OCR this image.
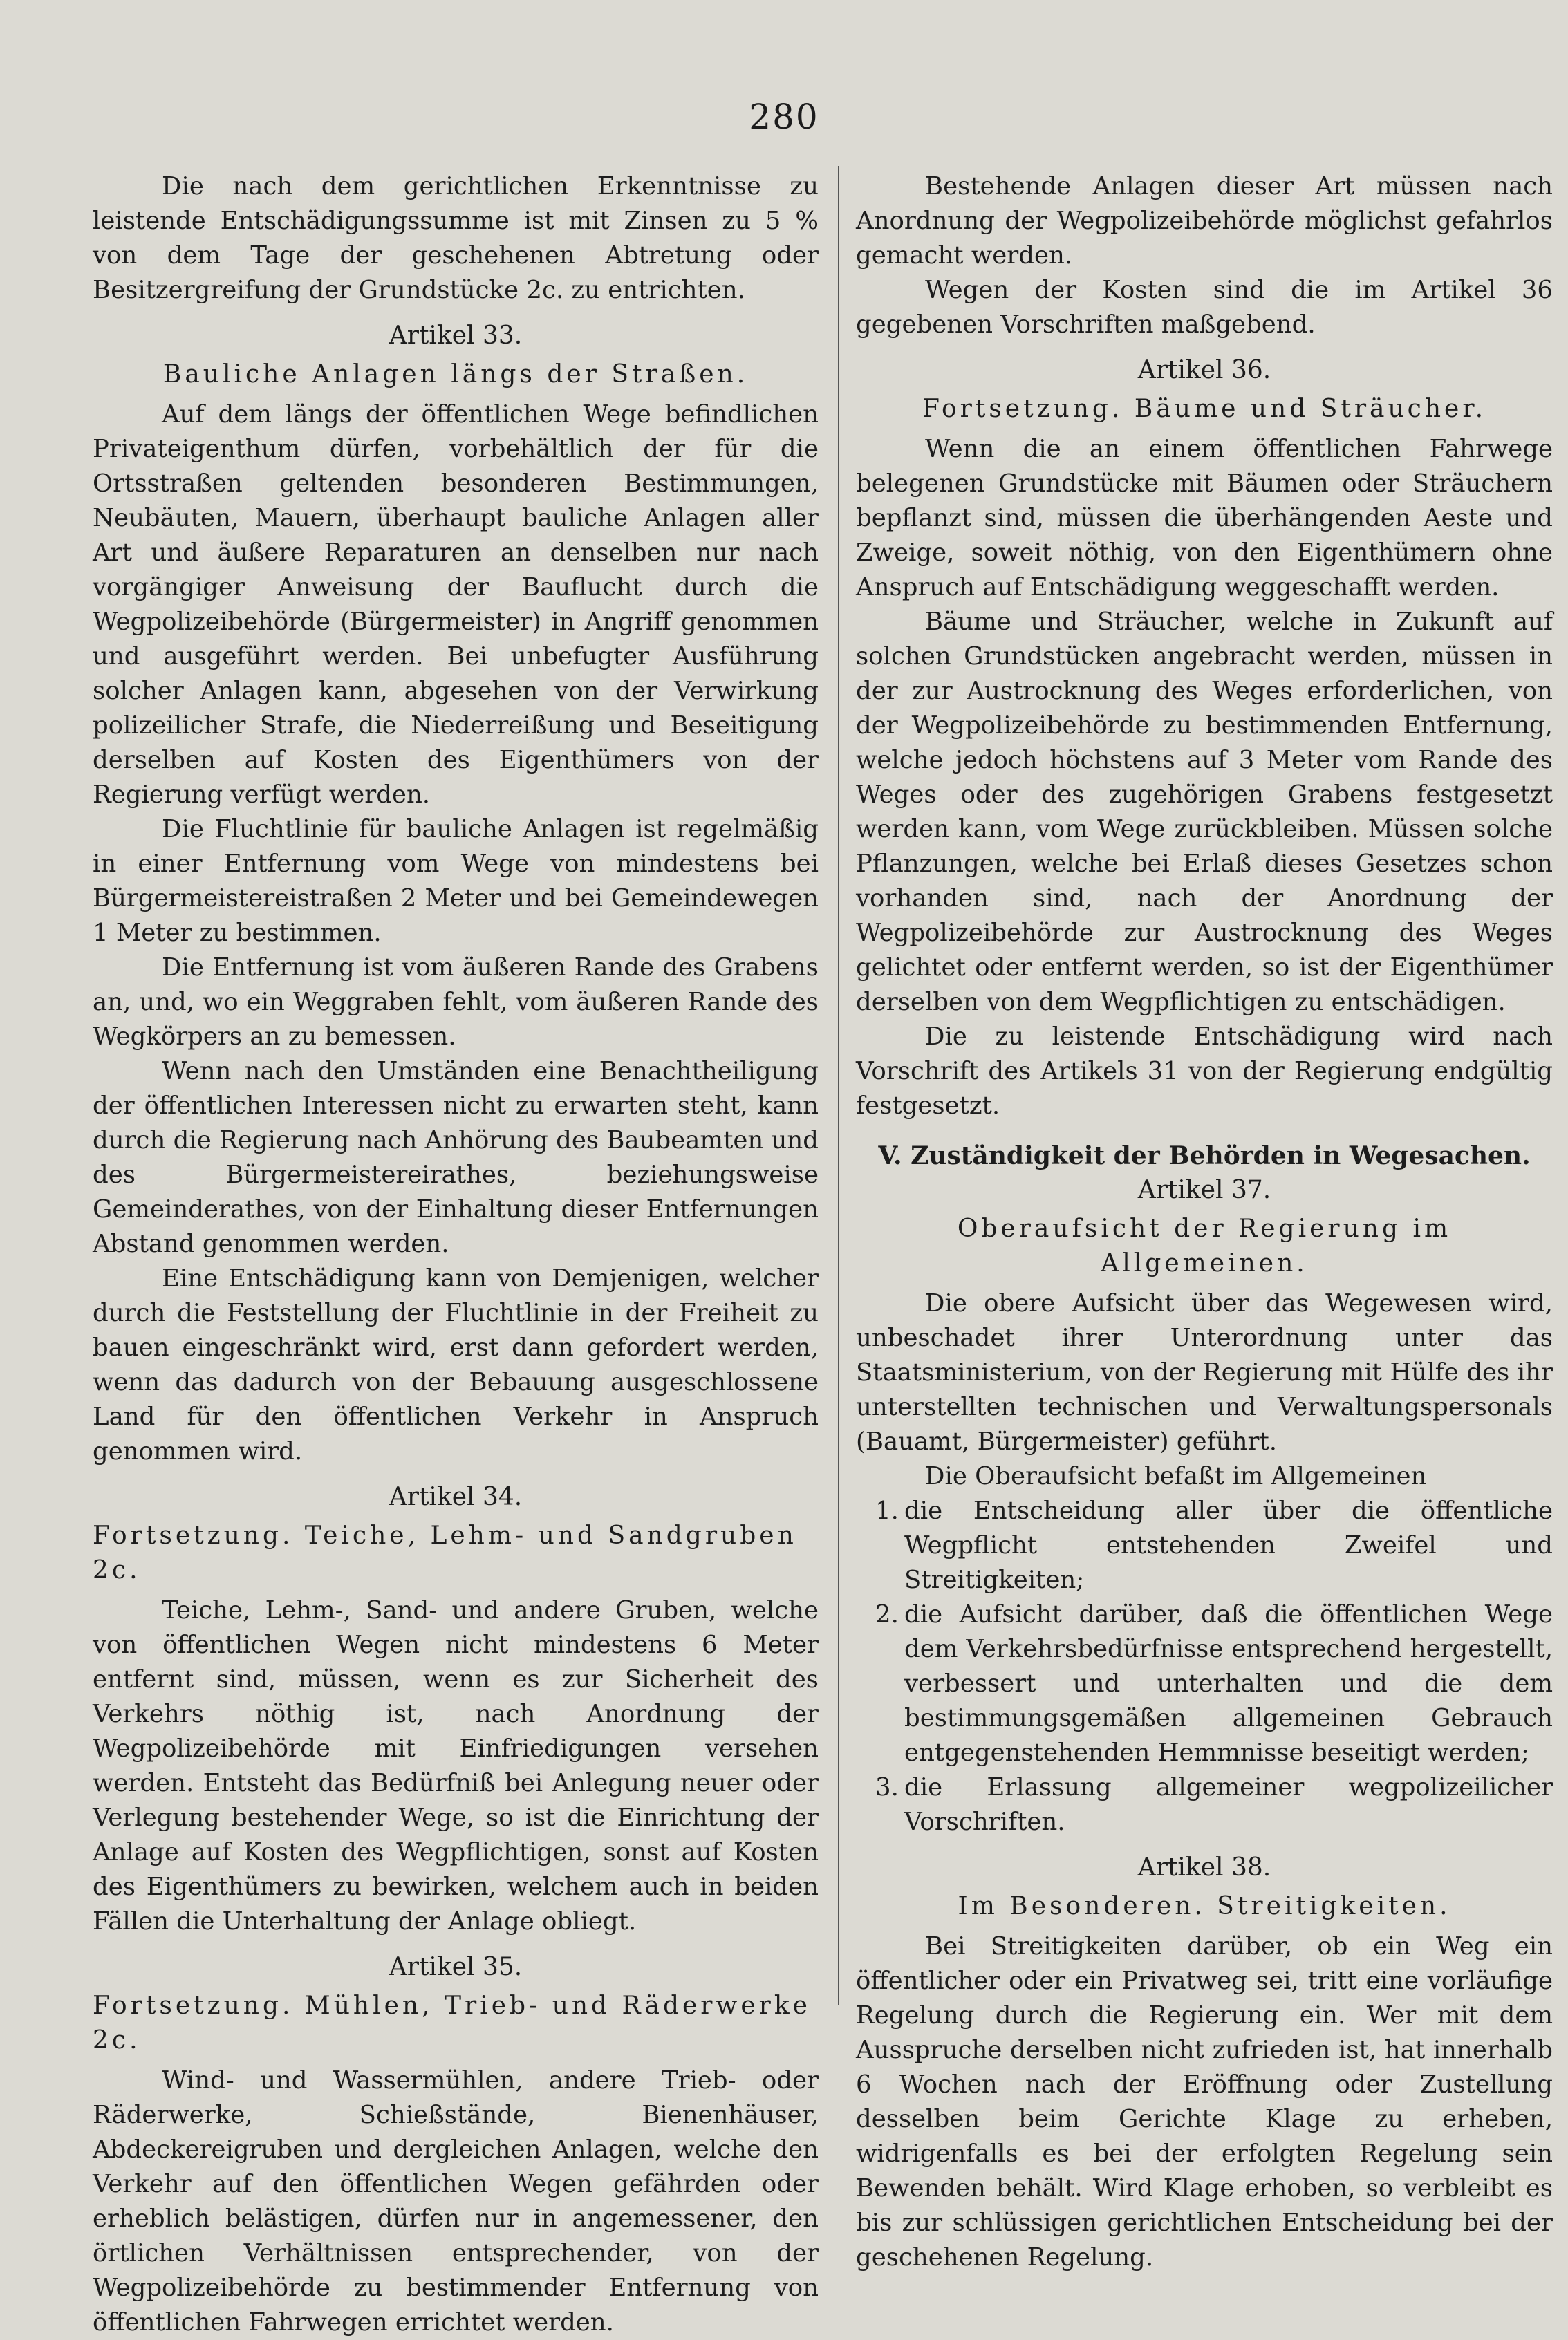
280

Die nach dem gerichtlichen Erkenntnisse zu leistende Entschädigungssumme ist mit Zinsen zu 5 % von dem Tage der geschehenen Abtretung oder Besitzergreifung der Grundstücke 2c. zu entrichten.

Artikel 33.
Bauliche Anlagen längs der Straßen.

Auf dem längs der öffentlichen Wege befindlichen Privateigenthum dürfen, vorbehältlich der für die Ortsstraßen geltenden besonderen Bestimmungen, Neubäuten, Mauern, überhaupt bauliche Anlagen aller Art und äußere Reparaturen an denselben nur nach vorgängiger Anweisung der Bauflucht durch die Wegpolizeibehörde (Bürgermeister) in Angriff genommen und ausgeführt werden. Bei unbefugter Ausführung solcher Anlagen kann, abgesehen von der Verwirkung polizeilicher Strafe, die Niederreißung und Beseitigung derselben auf Kosten des Eigenthümers von der Regierung verfügt werden.

Die Fluchtlinie für bauliche Anlagen ist regelmäßig in einer Entfernung vom Wege von mindestens bei Bürgermeistereistraßen 2 Meter und bei Gemeindewegen 1 Meter zu bestimmen.

Die Entfernung ist vom äußeren Rande des Grabens an, und, wo ein Weggraben fehlt, vom äußeren Rande des Wegkörpers an zu bemessen.

Wenn nach den Umständen eine Benachtheiligung der öffentlichen Interessen nicht zu erwarten steht, kann durch die Regierung nach Anhörung des Baubeamten und des Bürgermeistereirathes, beziehungsweise Gemeinderathes, von der Einhaltung dieser Entfernungen Abstand genommen werden.

Eine Entschädigung kann von Demjenigen, welcher durch die Feststellung der Fluchtlinie in der Freiheit zu bauen eingeschränkt wird, erst dann gefordert werden, wenn das dadurch von der Bebauung ausgeschlossene Land für den öffentlichen Verkehr in Anspruch genommen wird.

Artikel 34.
Fortsetzung. Teiche, Lehm- und Sandgruben 2c.

Teiche, Lehm-, Sand- und andere Gruben, welche von öffentlichen Wegen nicht mindestens 6 Meter entfernt sind, müssen, wenn es zur Sicherheit des Verkehrs nöthig ist, nach Anordnung der Wegpolizeibehörde mit Einfriedigungen versehen werden. Entsteht das Bedürfniß bei Anlegung neuer oder Verlegung bestehender Wege, so ist die Einrichtung der Anlage auf Kosten des Wegpflichtigen, sonst auf Kosten des Eigenthümers zu bewirken, welchem auch in beiden Fällen die Unterhaltung der Anlage obliegt.

Artikel 35.
Fortsetzung. Mühlen, Trieb- und Räderwerke 2c.

Wind- und Wassermühlen, andere Trieb- oder Räderwerke, Schießstände, Bienenhäuser, Abdeckereigruben und dergleichen Anlagen, welche den Verkehr auf den öffentlichen Wegen gefährden oder erheblich belästigen, dürfen nur in angemessener, den örtlichen Verhältnissen entsprechender, von der Wegpolizeibehörde zu bestimmender Entfernung von öffentlichen Fahrwegen errichtet werden.

Bestehende Anlagen dieser Art müssen nach Anordnung der Wegpolizeibehörde möglichst gefahrlos gemacht werden.

Wegen der Kosten sind die im Artikel 36 gegebenen Vorschriften maßgebend.

Artikel 36.
Fortsetzung. Bäume und Sträucher.

Wenn die an einem öffentlichen Fahrwege belegenen Grundstücke mit Bäumen oder Sträuchern bepflanzt sind, müssen die überhängenden Aeste und Zweige, soweit nöthig, von den Eigenthümern ohne Anspruch auf Entschädigung weggeschafft werden.

Bäume und Sträucher, welche in Zukunft auf solchen Grundstücken angebracht werden, müssen in der zur Austrocknung des Weges erforderlichen, von der Wegpolizeibehörde zu bestimmenden Entfernung, welche jedoch höchstens auf 3 Meter vom Rande des Weges oder des zugehörigen Grabens festgesetzt werden kann, vom Wege zurückbleiben. Müssen solche Pflanzungen, welche bei Erlaß dieses Gesetzes schon vorhanden sind, nach der Anordnung der Wegpolizeibehörde zur Austrocknung des Weges gelichtet oder entfernt werden, so ist der Eigenthümer derselben von dem Wegpflichtigen zu entschädigen.

Die zu leistende Entschädigung wird nach Vorschrift des Artikels 31 von der Regierung endgültig festgesetzt.

V. Zuständigkeit der Behörden in Wegesachen.
Artikel 37.
Oberaufsicht der Regierung im Allgemeinen.

Die obere Aufsicht über das Wegewesen wird, unbeschadet ihrer Unterordnung unter das Staatsministerium, von der Regierung mit Hülfe des ihr unterstellten technischen und Verwaltungspersonals (Bauamt, Bürgermeister) geführt.

Die Oberaufsicht befaßt im Allgemeinen

1. die Entscheidung aller über die öffentliche Wegpflicht entstehenden Zweifel und Streitigkeiten;
2. die Aufsicht darüber, daß die öffentlichen Wege dem Verkehrsbedürfnisse entsprechend hergestellt, verbessert und unterhalten und die dem bestimmungsgemäßen allgemeinen Gebrauch entgegenstehenden Hemmnisse beseitigt werden;
3. die Erlassung allgemeiner wegpolizeilicher Vorschriften.
Artikel 38.
Im Besonderen. Streitigkeiten.

Bei Streitigkeiten darüber, ob ein Weg ein öffentlicher oder ein Privatweg sei, tritt eine vorläufige Regelung durch die Regierung ein. Wer mit dem Ausspruche derselben nicht zufrieden ist, hat innerhalb 6 Wochen nach der Eröffnung oder Zustellung desselben beim Gerichte Klage zu erheben, widrigenfalls es bei der erfolgten Regelung sein Bewenden behält. Wird Klage erhoben, so verbleibt es bis zur schlüssigen gerichtlichen Entscheidung bei der geschehenen Regelung.
